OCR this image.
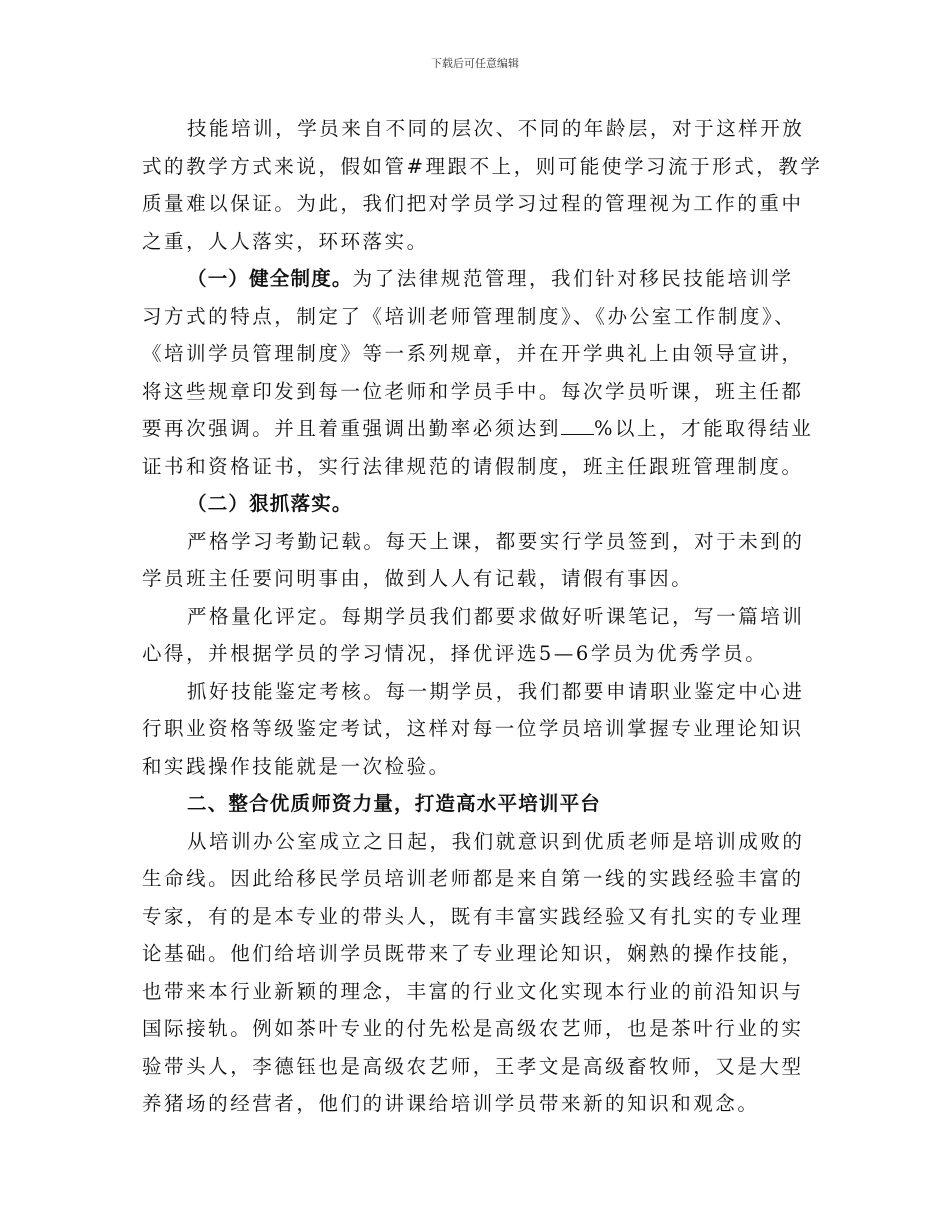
下载后可任意编辑
技能培训，学员来自不同的层次、不同的年龄层，对于这样开放
式的教学方式来说，假如管#理跟不上，则可能使学习流于形式，教学
质量难以保证。为此，我们把对学员学习过程的管理视为工作的重中
之重，人人落实，环环落实。
（一）健全制度。为了法律规范管理，我们针对移民技能培训学
习方式的特点，制定了《培训老师管理制度》、《办公室工作制度》、
《培训学员管理制度》等一系列规章，并在开学典礼上由领导宣讲，
将这些规章印发到每一位老师和学员手中。每次学员听课，班主任都
要再次强调。并且着重强调出勤率必须达到 %以上，才能取得结业
证书和资格证书，实行法律规范的请假制度，班主任跟班管理制度。
（二）狠抓落实。
严格学习考勤记载。每天上课，都要实行学员签到，对于未到的
学员班主任要问明事由，做到人人有记载，请假有事因。
严格量化评定。每期学员我们都要求做好听课笔记，写一篇培训
心得，并根据学员的学习情况，择优评选5—6学员为优秀学员。
抓好技能鉴定考核。每一期学员，我们都要申请职业鉴定中心进
行职业资格等级鉴定考试，这样对每一位学员培训掌握专业理论知识
和实践操作技能就是一次检验。
二、整合优质师资力量，打造高水平培训平台
从培训办公室成立之日起，我们就意识到优质老师是培训成败的
生命线。因此给移民学员培训老师都是来自第一线的实践经验丰富的
专家，有的是本专业的带头人，既有丰富实践经验又有扎实的专业理
论基础。他们给培训学员既带来了专业理论知识，娴熟的操作技能，
也带来本行业新颖的理念，丰富的行业文化实现本行业的前沿知识与
国际接轨。例如茶叶专业的付先松是高级农艺师，也是茶叶行业的实
验带头人，李德钰也是高级农艺师，王孝文是高级畜牧师，又是大型
养猪场的经营者，他们的讲课给培训学员带来新的知识和观念。
